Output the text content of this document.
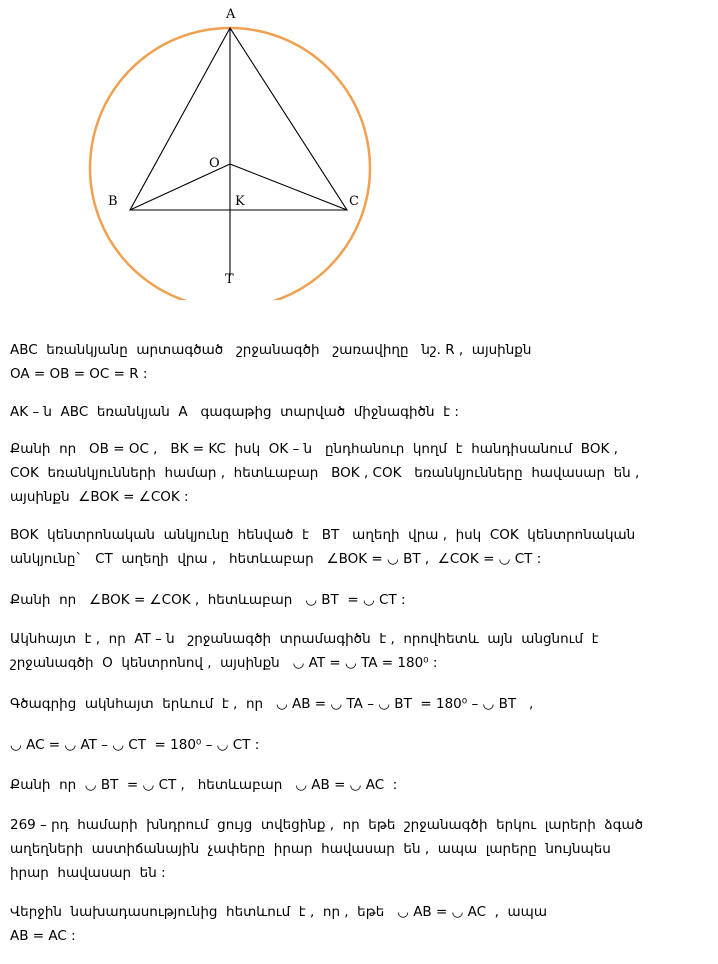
A
O
B	K	C
T
ABC  եռանկյանը  արտագծած   շրջանագծի   շառավիղը   նշ. R ,  այսինքն
OA = OB = OC = R :
AK – ն  ABC  եռանկյան  A   գագաթից  տարված  միջնագիծն  է :
Քանի  որ   OB = OC ,   BK = KC  իսկ  OK – ն   ընդհանուր  կողմ  է  հանդիսանում  BOK ,
COK  եռանկյունների  համար ,  հետևաբար   BOK , COK   եռանկյունները  հավասար  են ,
այսինքն  ∠BOK = ∠COK :
BOK  կենտրոնական  անկյունը  հենված  է   BT   աղեղի  վրա ,  իսկ  COK  կենտրոնական
անկյունը`   CT  աղեղի  վրա ,   հետևաբար   ∠BOK = ◡ BT ,  ∠COK = ◡ CT :
Քանի  որ   ∠BOK = ∠COK ,  հետևաբար   ◡ BT  = ◡ CT :
Ակնհայտ  է ,  որ  AT – ն   շրջանագծի  տրամագիծն  է ,  որովհետև  այն  անցնում  է
շրջանագծի  O  կենտրոնով ,  այսինքն   ◡ AT = ◡ TA = 180⁰ :
Գծագրից  ակնհայտ  երևում  է ,  որ   ◡ AB = ◡ TA – ◡ BT  = 180⁰ – ◡ BT   ,
◡ AC = ◡ AT – ◡ CT  = 180⁰ – ◡ CT :
Քանի  որ  ◡ BT  = ◡ CT ,   հետևաբար   ◡ AB = ◡ AC  :
269 – րդ  համարի  խնդրում  ցույց  տվեցինք ,  որ  եթե  շրջանագծի  երկու  լարերի  ձգած
աղեղների  աստիճանային  չափերը  իրար  հավասար  են ,  ապա  լարերը  նույնպես
իրար  հավասար  են :
Վերջին  նախադասությունից  հետևում  է ,  որ ,  եթե   ◡ AB = ◡ AC  ,  ապա
AB = AC :
